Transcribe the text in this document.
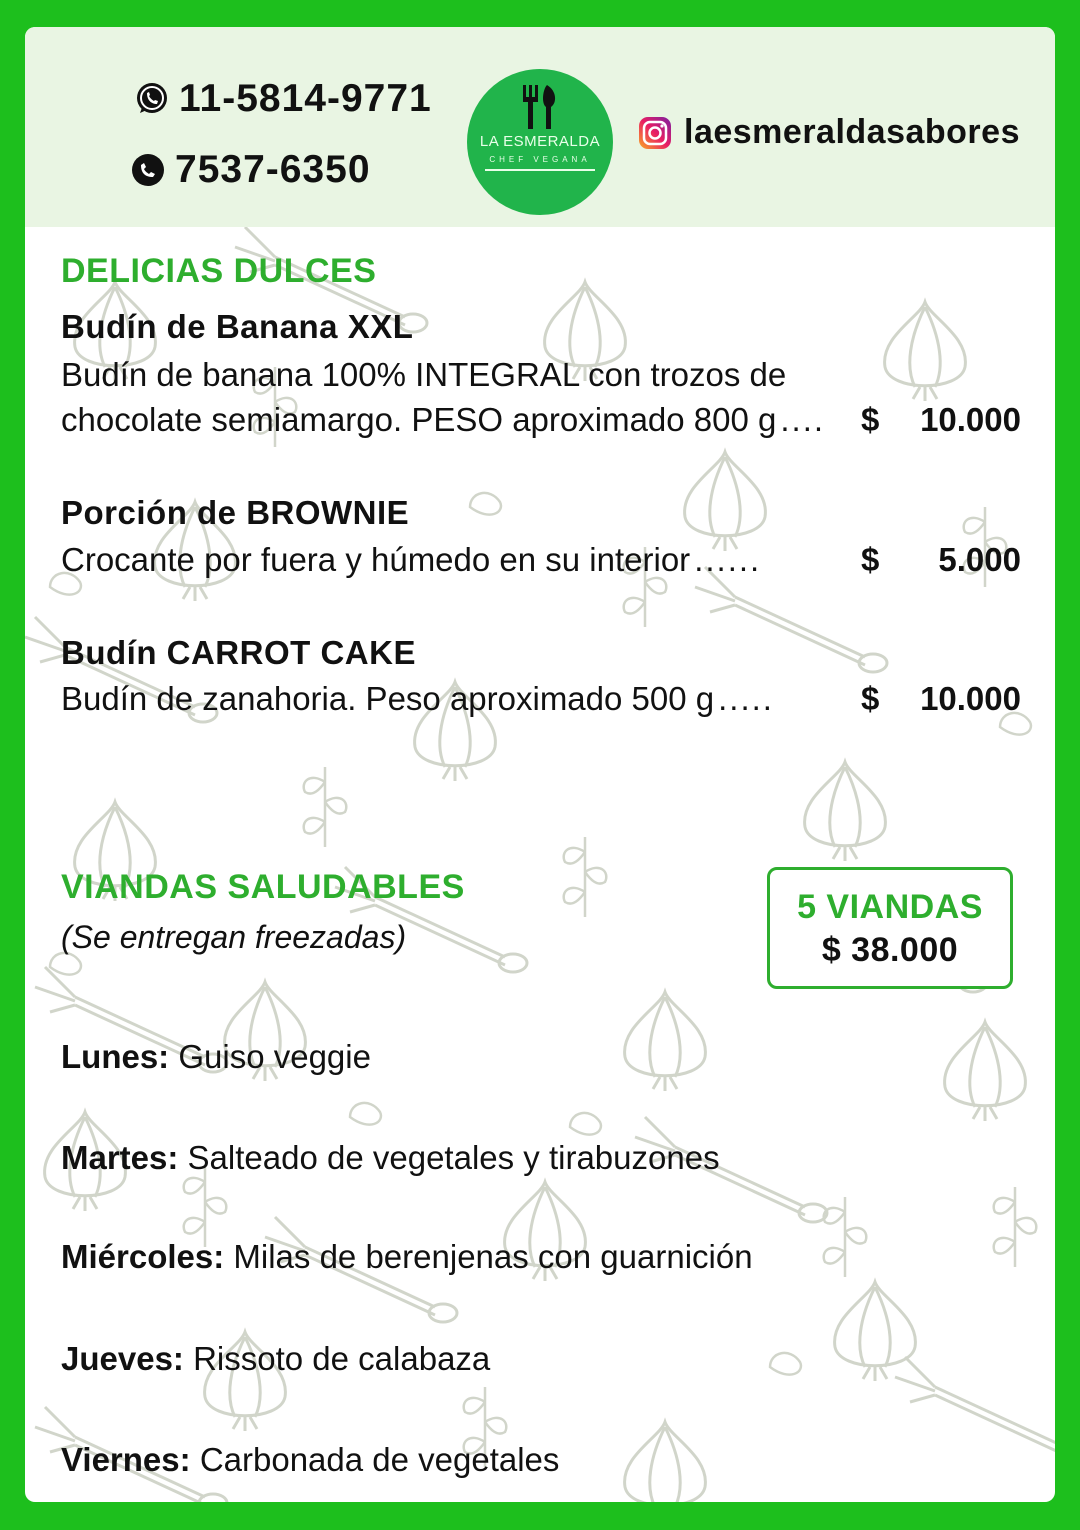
11-5814-9771
7537-6350
LA ESMERALDA
CHEF VEGANA
laesmeraldasabores
DELICIAS DULCES
Budín de Banana XXL
Budín de banana 100% INTEGRAL con trozos de
chocolate semiamargo. PESO aproximado 800 g ....	$	10.000
Porción de BROWNIE
Crocante por fuera y húmedo en su interior ......	$	5.000
Budín CARROT CAKE
Budín de zanahoria. Peso aproximado 500 g .....	$	10.000
VIANDAS SALUDABLES
(Se entregan freezadas)
5 VIANDAS
$ 38.000
Lunes: Guiso veggie
Martes: Salteado de vegetales y tirabuzones
Miércoles: Milas de berenjenas con guarnición
Jueves: Rissoto de calabaza
Viernes: Carbonada de vegetales
